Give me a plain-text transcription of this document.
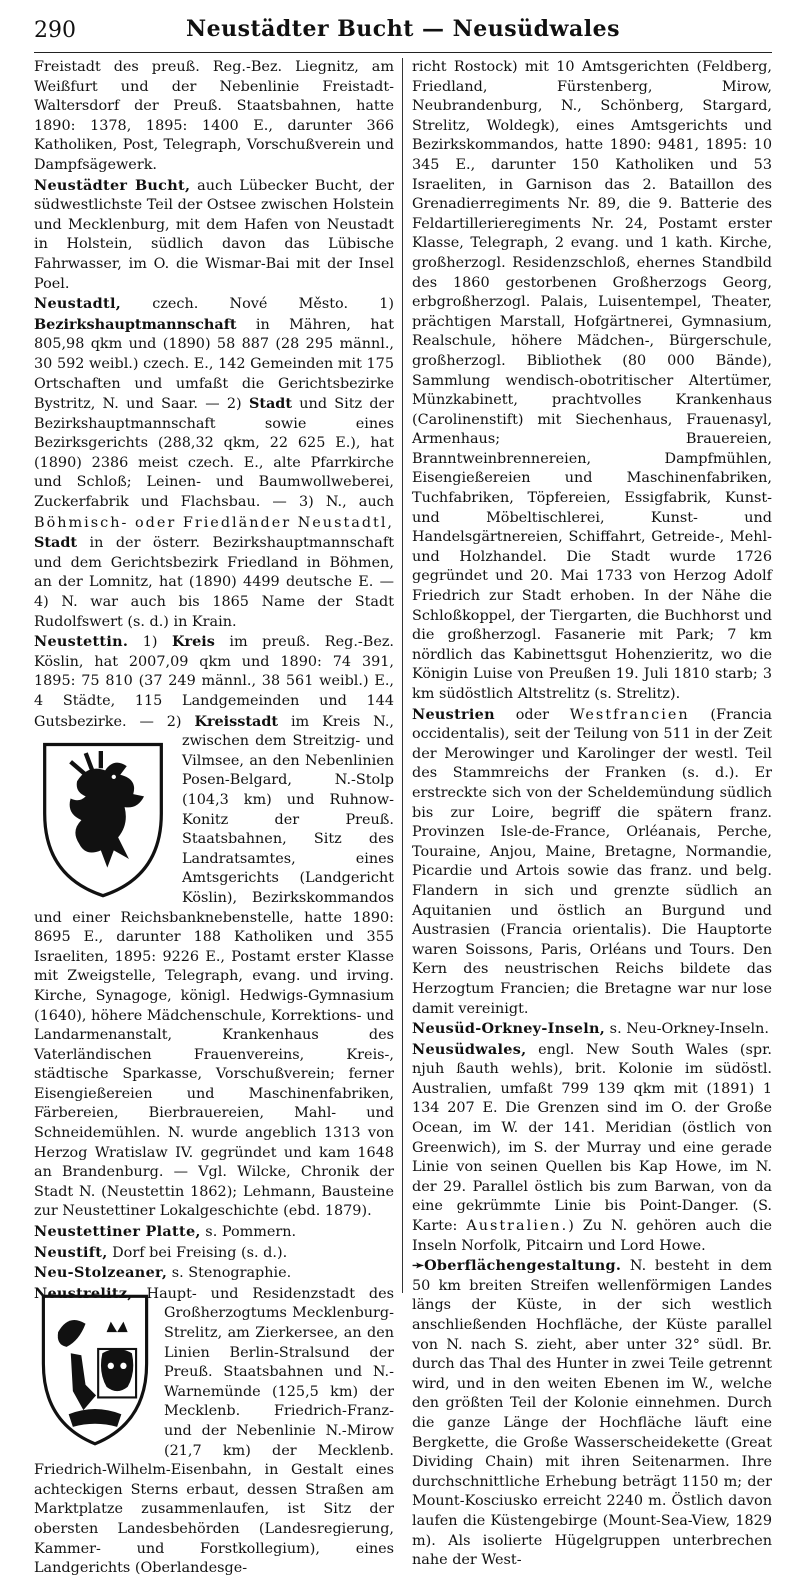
290	Neustädter Bucht — Neusüdwales

Freistadt des preuß. Reg.-Bez. Liegnitz, am Weißfurt und der Nebenlinie Freistadt-Waltersdorf der Preuß. Staatsbahnen, hatte 1890: 1378, 1895: 1400 E., darunter 366 Katholiken, Post, Telegraph, Vorschußverein und Dampfsägewerk.

Neustädter Bucht, auch Lübecker Bucht, der südwestlichste Teil der Ostsee zwischen Holstein und Mecklenburg, mit dem Hafen von Neustadt in Holstein, südlich davon das Lübische Fahrwasser, im O. die Wismar-Bai mit der Insel Poel.

Neustadtl, czech. Nové Město. 1) Bezirkshauptmannschaft in Mähren, hat 805,98 qkm und (1890) 58 887 (28 295 männl., 30 592 weibl.) czech. E., 142 Gemeinden mit 175 Ortschaften und umfaßt die Gerichtsbezirke Bystritz, N. und Saar. — 2) Stadt und Sitz der Bezirkshauptmannschaft sowie eines Bezirksgerichts (288,32 qkm, 22 625 E.), hat (1890) 2386 meist czech. E., alte Pfarrkirche und Schloß; Leinen- und Baumwollweberei, Zuckerfabrik und Flachsbau. — 3) N., auch Böhmisch- oder Friedländer Neustadtl, Stadt in der österr. Bezirkshauptmannschaft und dem Gerichtsbezirk Friedland in Böhmen, an der Lomnitz, hat (1890) 4499 deutsche E. — 4) N. war auch bis 1865 Name der Stadt Rudolfswert (s. d.) in Krain.

Neustettin. 1) Kreis im preuß. Reg.-Bez. Köslin, hat 2007,09 qkm und 1890: 74 391, 1895: 75 810 (37 249 männl., 38 561 weibl.) E., 4 Städte, 115 Landgemeinden und 144 Gutsbezirke. — 2) Kreisstadt
im Kreis N., zwischen dem Streitzig- und Vilmsee, an den Nebenlinien Posen-Belgard, N.-Stolp (104,3 km) und Ruhnow-Konitz der Preuß. Staatsbahnen, Sitz des Landratsamtes, eines Amtsgerichts (Landgericht Köslin), Bezirkskommandos und einer Reichsbanknebenstelle, hatte 1890: 8695 E., darunter 188 Katholiken und 355 Israeliten, 1895: 9226 E., Postamt erster Klasse mit Zweigstelle, Telegraph, evang. und irving. Kirche, Synagoge, königl. Hedwigs-Gymnasium (1640), höhere Mädchenschule, Korrektions- und Landarmenanstalt, Krankenhaus des Vaterländischen Frauenvereins, Kreis-, städtische Sparkasse, Vorschußverein; ferner Eisengießereien und Maschinenfabriken, Färbereien, Bierbrauereien, Mahl- und Schneidemühlen. N. wurde angeblich 1313 von Herzog Wratislaw IV. gegründet und kam 1648 an Brandenburg. — Vgl. Wilcke, Chronik der Stadt N. (Neustettin 1862); Lehmann, Bausteine zur Neustettiner Lokalgeschichte (ebd. 1879).

Neustettiner Platte, s. Pommern.

Neustift, Dorf bei Freising (s. d.).

Neu-Stolzeaner, s. Stenographie.

Neustrelitz,
Haupt- und Residenzstadt des Großherzogtums Mecklenburg-Strelitz, am Zierkersee, an den Linien Berlin-Stralsund der Preuß. Staatsbahnen und N.-Warnemünde (125,5 km) der Mecklenb. Friedrich-Franz- und der Nebenlinie N.-Mirow (21,7 km) der Mecklenb. Friedrich-Wilhelm-Eisenbahn, in Gestalt eines achteckigen Sterns erbaut, dessen Straßen am Marktplatze zusammenlaufen, ist Sitz der obersten Landesbehörden (Landesregierung, Kammer- und Forstkollegium), eines Landgerichts (Oberlandesge-

richt Rostock) mit 10 Amtsgerichten (Feldberg, Friedland, Fürstenberg, Mirow, Neubrandenburg, N., Schönberg, Stargard, Strelitz, Woldegk), eines Amtsgerichts und Bezirkskommandos, hatte 1890: 9481, 1895: 10 345 E., darunter 150 Katholiken und 53 Israeliten, in Garnison das 2. Bataillon des Grenadierregiments Nr. 89, die 9. Batterie des Feldartillerieregiments Nr. 24, Postamt erster Klasse, Telegraph, 2 evang. und 1 kath. Kirche, großherzogl. Residenzschloß, ehernes Standbild des 1860 gestorbenen Großherzogs Georg, erbgroßherzogl. Palais, Luisentempel, Theater, prächtigen Marstall, Hofgärtnerei, Gymnasium, Realschule, höhere Mädchen-, Bürgerschule, großherzogl. Bibliothek (80 000 Bände), Sammlung wendisch-obotritischer Altertümer, Münzkabinett, prachtvolles Krankenhaus (Carolinenstift) mit Siechenhaus, Frauenasyl, Armenhaus; Brauereien, Branntweinbrennereien, Dampfmühlen, Eisengießereien und Maschinenfabriken, Tuchfabriken, Töpfereien, Essigfabrik, Kunst- und Möbeltischlerei, Kunst- und Handelsgärtnereien, Schiffahrt, Getreide-, Mehl- und Holzhandel. Die Stadt wurde 1726 gegründet und 20. Mai 1733 von Herzog Adolf Friedrich zur Stadt erhoben. In der Nähe die Schloßkoppel, der Tiergarten, die Buchhorst und die großherzogl. Fasanerie mit Park; 7 km nördlich das Kabinettsgut Hohenzieritz, wo die Königin Luise von Preußen 19. Juli 1810 starb; 3 km südöstlich Altstrelitz (s. Strelitz).

Neustrien oder Westfrancien (Francia occidentalis), seit der Teilung von 511 in der Zeit der Merowinger und Karolinger der westl. Teil des Stammreichs der Franken (s. d.). Er erstreckte sich von der Scheldemündung südlich bis zur Loire, begriff die spätern franz. Provinzen Isle-de-France, Orléanais, Perche, Touraine, Anjou, Maine, Bretagne, Normandie, Picardie und Artois sowie das franz. und belg. Flandern in sich und grenzte südlich an Aquitanien und östlich an Burgund und Austrasien (Francia orientalis). Die Hauptorte waren Soissons, Paris, Orléans und Tours. Den Kern des neustrischen Reichs bildete das Herzogtum Francien; die Bretagne war nur lose damit vereinigt.

Neusüd-Orkney-Inseln, s. Neu-Orkney-Inseln.

Neusüdwales, engl. New South Wales (spr. njuh ßauth wehls), brit. Kolonie im südöstl. Australien, umfaßt 799 139 qkm mit (1891) 1 134 207 E. Die Grenzen sind im O. der Große Ocean, im W. der 141. Meridian (östlich von Greenwich), im S. der Murray und eine gerade Linie von seinen Quellen bis Kap Howe, im N. der 29. Parallel östlich bis zum Barwan, von da eine gekrümmte Linie bis Point-Danger. (S. Karte: Australien.) Zu N. gehören auch die Inseln Norfolk, Pitcairn und Lord Howe.

➛Oberflächengestaltung. N. besteht in dem 50 km breiten Streifen wellenförmigen Landes längs der Küste, in der sich westlich anschließenden Hochfläche, der Küste parallel von N. nach S. zieht, aber unter 32° südl. Br. durch das Thal des Hunter in zwei Teile getrennt wird, und in den weiten Ebenen im W., welche den größten Teil der Kolonie einnehmen. Durch die ganze Länge der Hochfläche läuft eine Bergkette, die Große Wasserscheidekette (Great Dividing Chain) mit ihren Seitenarmen. Ihre durchschnittliche Erhebung beträgt 1150 m; der Mount-Kosciusko erreicht 2240 m. Östlich davon laufen die Küstengebirge (Mount-Sea-View, 1829 m). Als isolierte Hügelgruppen unterbrechen nahe der West-
